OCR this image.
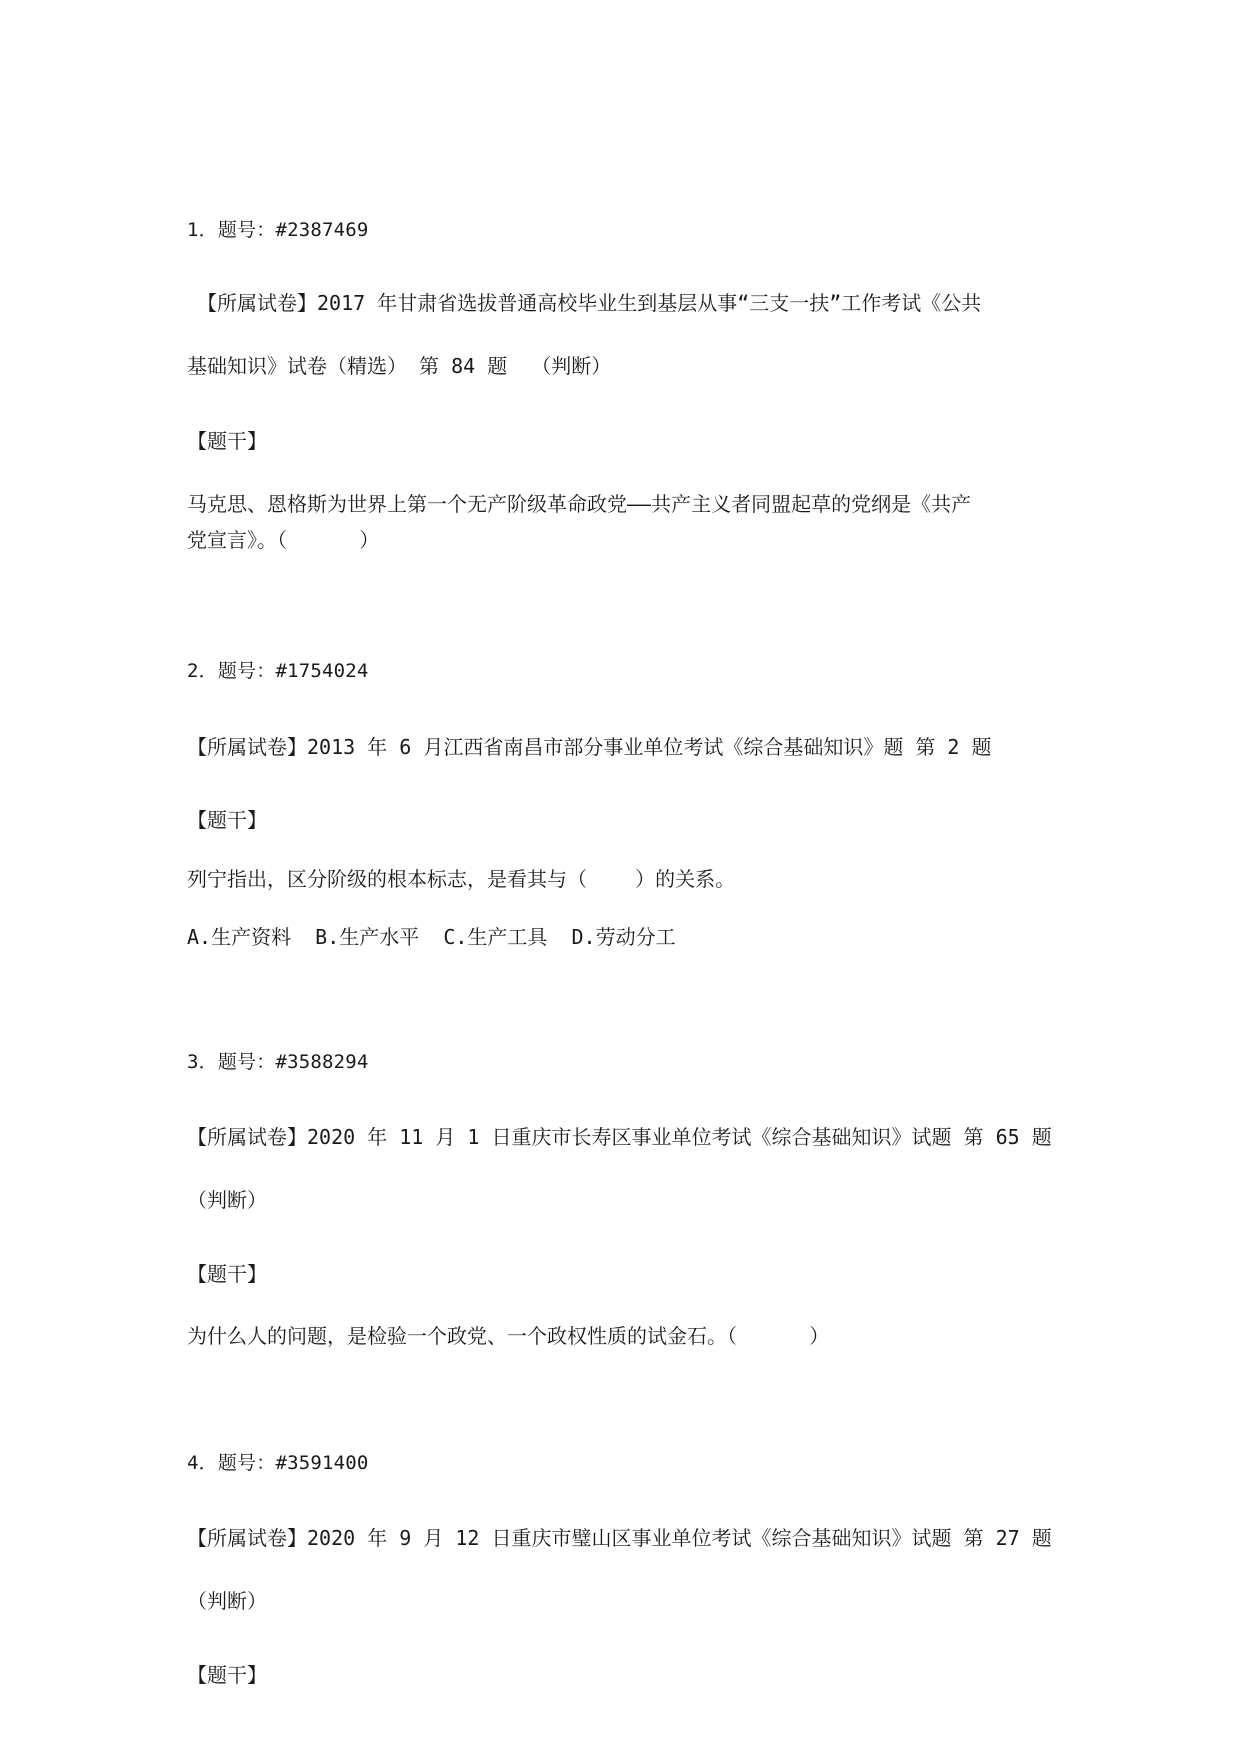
1．题号：#2387469
　【所属试卷】2017 年甘肃省选拔普通高校毕业生到基层从事“三支一扶”工作考试《公共
基础知识》试卷（精选） 第 84 题  （判断）
【题干】
马克思、恩格斯为世界上第一个无产阶级革命政党——共产主义者同盟起草的党纲是《共产
党宣言》。（      ）
2．题号：#1754024
【所属试卷】2013 年 6 月江西省南昌市部分事业单位考试《综合基础知识》题 第 2 题
【题干】
列宁指出，区分阶级的根本标志，是看其与（    ）的关系。
A.生产资料  B.生产水平  C.生产工具  D.劳动分工
3．题号：#3588294
【所属试卷】2020 年 11 月 1 日重庆市长寿区事业单位考试《综合基础知识》试题 第 65 题
（判断）
【题干】
为什么人的问题，是检验一个政党、一个政权性质的试金石。（      ）
4．题号：#3591400
【所属试卷】2020 年 9 月 12 日重庆市璧山区事业单位考试《综合基础知识》试题 第 27 题
（判断）
【题干】
